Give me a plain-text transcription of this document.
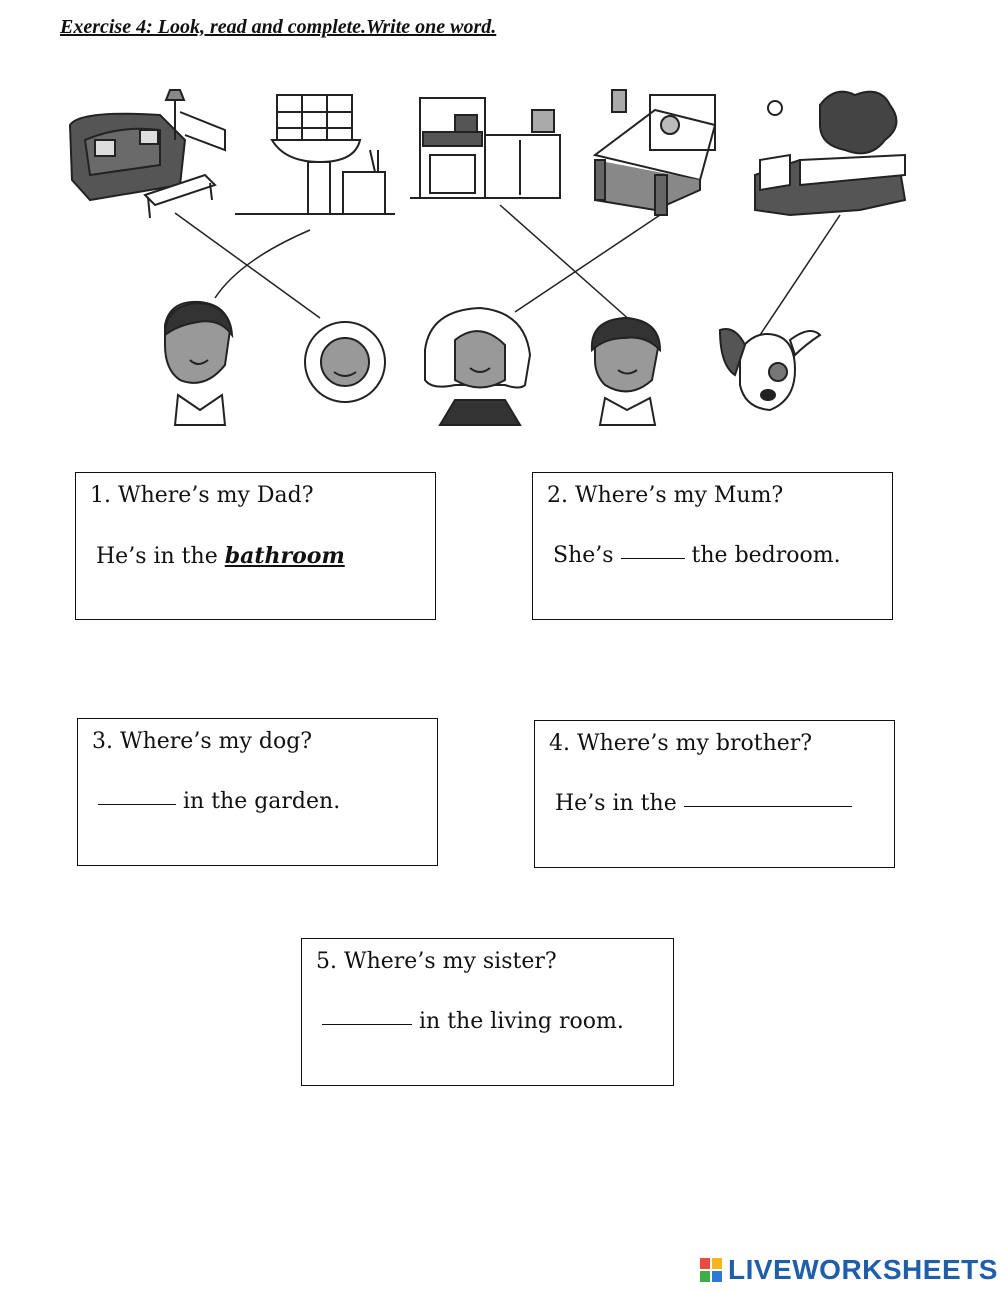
Exercise 4: Look, read and complete.Write one word.
1. Where’s my Dad?
He’s in the bathroom
2. Where’s my Mum?
She’s	the bedroom.
3. Where’s my dog?
in the garden.
4. Where’s my brother?
He’s in the
5. Where’s my sister?
in the living room.
LIVEWORKSHEETS
